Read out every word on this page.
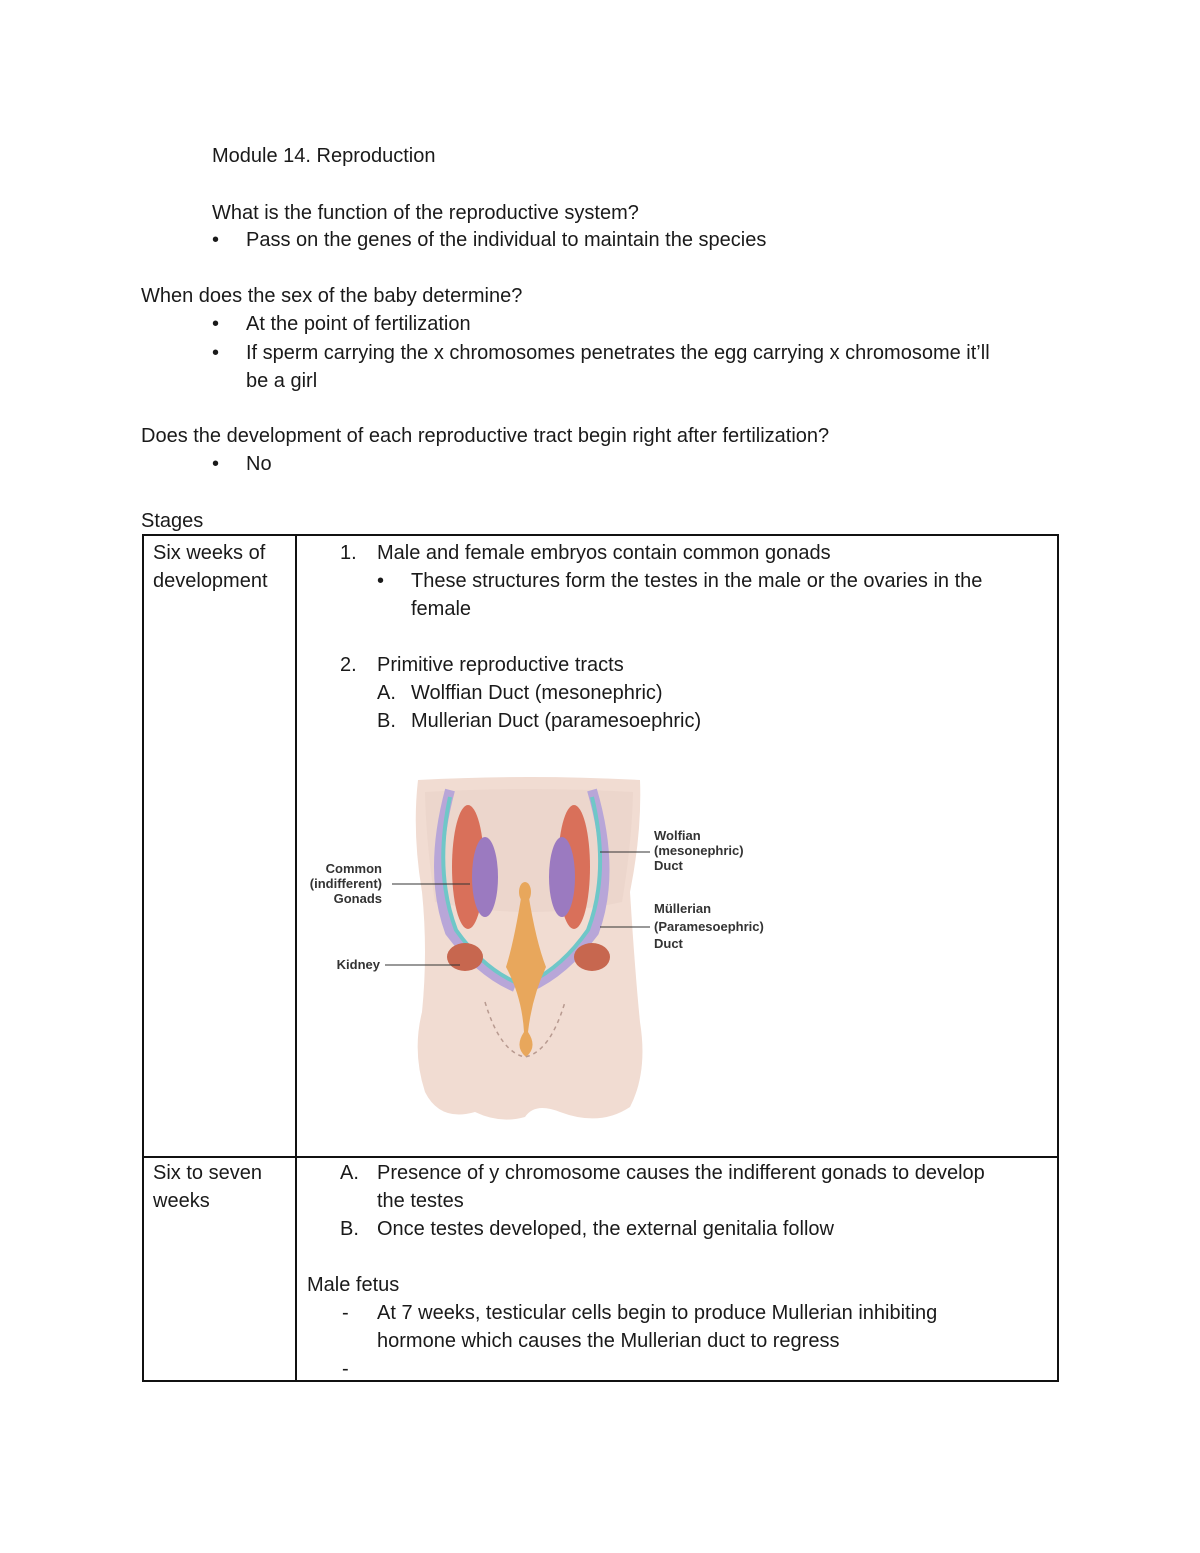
Module 14. Reproduction
What is the function of the reproductive system?
• Pass on the genes of the individual to maintain the species
When does the sex of the baby determine?
• At the point of fertilization
• If sperm carrying the x chromosomes penetrates the egg carrying x chromosome it’ll
be a girl
Does the development of each reproductive tract begin right after fertilization?
• No
Stages
Six weeks of
development
1. Male and female embryos contain common gonads
• These structures form the testes in the male or the ovaries in the
female
2. Primitive reproductive tracts
A. Wolffian Duct (mesonephric)
B. Mullerian Duct (paramesoephric)
Six to seven
weeks
A. Presence of y chromosome causes the indifferent gonads to develop
the testes
B. Once testes developed, the external genitalia follow
Male fetus
- At 7 weeks, testicular cells begin to produce Mullerian inhibiting
hormone which causes the Mullerian duct to regress
-
Common
(indifferent)
Gonads
Kidney
Wolfian
(mesonephric)
Duct
Müllerian
(Paramesoephric)
Duct
